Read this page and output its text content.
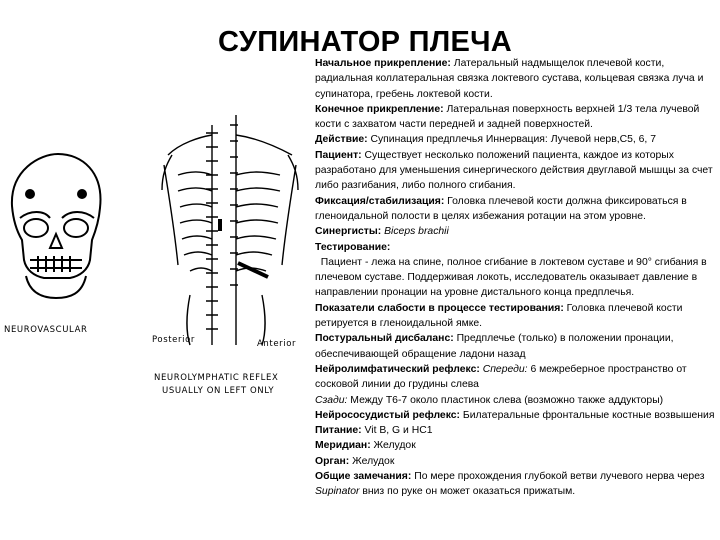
СУПИНАТОР ПЛЕЧА
NEUROVASCULAR
Posterior	Anterior
NEUROLYMPHATIC REFLEX
USUALLY ON LEFT ONLY

Начальное прикрепление: Латеральный надмыщелок плечевой кости, радиальная коллатеральная связка локтевого сустава, кольцевая связка луча и супинатора, гребень локтевой кости.

Конечное прикрепление: Латеральная поверхность верхней 1/3 тела лучевой кости с захватом части передней и задней поверхностей.

Действие: Супинация предплечья Иннервация: Лучевой нерв,C5, 6, 7

Пациент: Существует несколько положений пациента, каждое из которых разработано для уменьшения синергического действия двуглавой мышцы за счет либо разгибания, либо полного сгибания.

Фиксация/стабилизация: Головка плечевой кости должна фиксироваться в гленоидальной полости в целях избежания ротации на этом уровне.

Синергисты: Biceps brachii

Тестирование:

Пациент - лежа на спине, полное сгибание в локтевом суставе и 90° сгибания в плечевом суставе. Поддерживая локоть, исследователь оказывает давление в направлении пронации на уровне дистального конца предплечья.

Показатели слабости в процессе тестирования: Головка плечевой кости ретируется в гленоидальной ямке.

Постуральный дисбаланс: Предплечье (только) в положении пронации, обеспечивающей обращение ладони назад

Нейролимфатический рефлекс: Спереди: 6 межреберное пространство от сосковой линии до грудины слева

Сзади: Между Т6-7 около пластинок слева (возможно также аддукторы)

Нейрососудистый рефлекс: Билатеральные фронтальные костные возвышения

Питание: Vit B, G и HC1

Меридиан: Желудок

Орган: Желудок

Общие замечания: По мере прохождения глубокой ветви лучевого нерва через Supinator вниз по руке он может оказаться прижатым.
